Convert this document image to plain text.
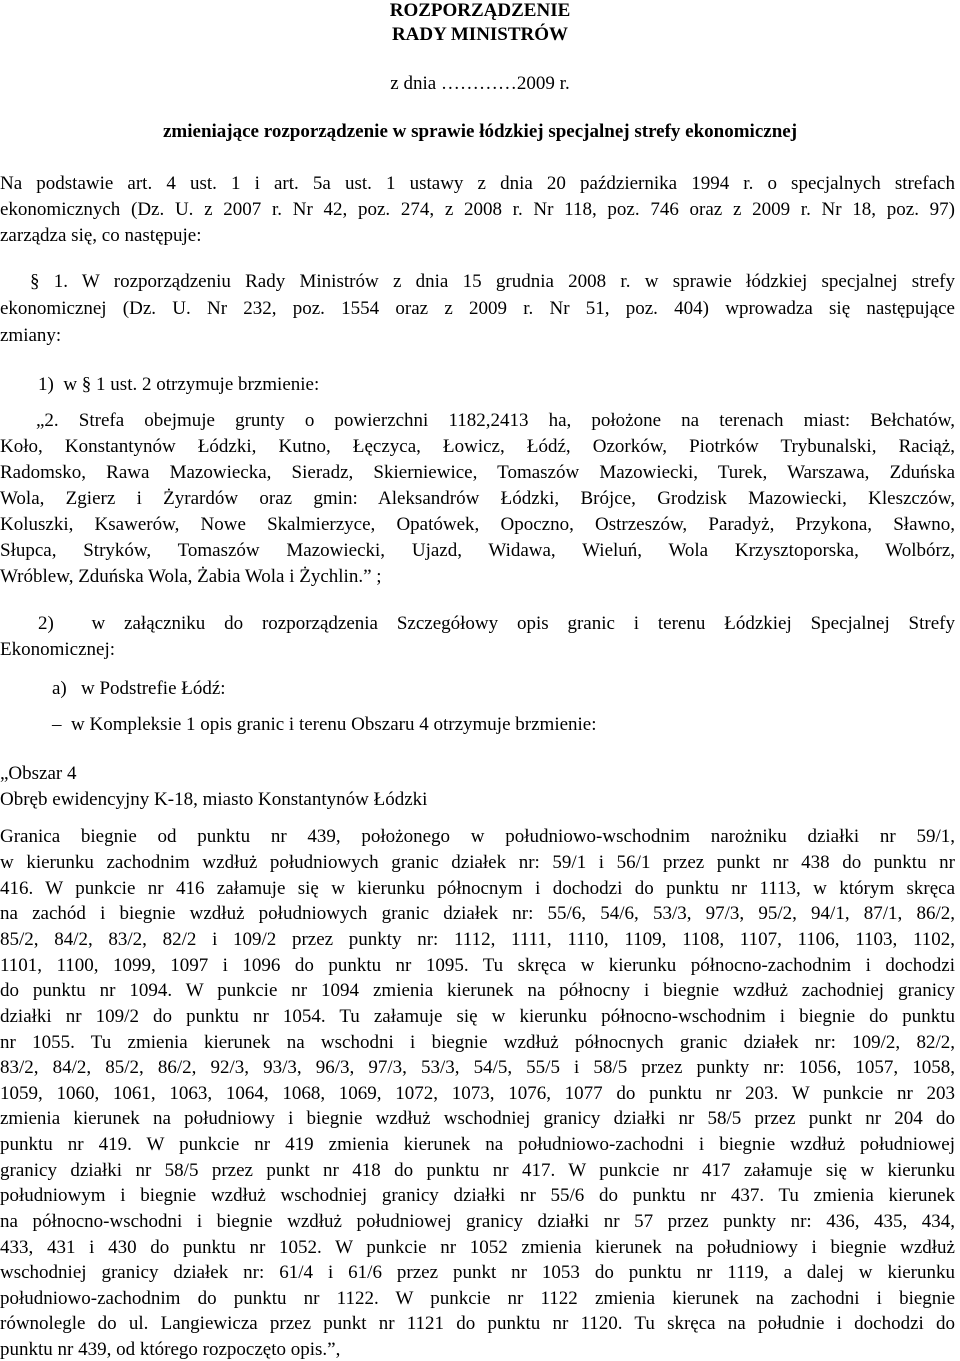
ROZPORZĄDZENIE
RADY MINISTRÓW
z dnia …………2009 r.
zmieniające rozporządzenie w sprawie łódzkiej specjalnej strefy ekonomicznej
Na podstawie art. 4 ust. 1 i art. 5a ust. 1 ustawy z dnia 20 października 1994 r. o specjalnych strefach
ekonomicznych (Dz. U. z 2007 r. Nr 42, poz. 274, z 2008 r. Nr 118, poz. 746 oraz z 2009 r. Nr 18, poz. 97)
zarządza się, co następuje:
§ 1. W rozporządzeniu Rady Ministrów z dnia 15 grudnia 2008 r. w sprawie łódzkiej specjalnej strefy
ekonomicznej (Dz. U. Nr 232, poz. 1554 oraz z 2009 r. Nr 51, poz. 404) wprowadza się następujące
zmiany:
1)  w § 1 ust. 2 otrzymuje brzmienie:
„2. Strefa obejmuje grunty o powierzchni 1182,2413 ha, położone na terenach miast: Bełchatów,
Koło, Konstantynów Łódzki, Kutno, Łęczyca, Łowicz, Łódź, Ozorków, Piotrków Trybunalski, Raciąż,
Radomsko, Rawa Mazowiecka, Sieradz, Skierniewice, Tomaszów Mazowiecki, Turek, Warszawa, Zduńska
Wola, Zgierz i Żyrardów oraz gmin: Aleksandrów Łódzki, Brójce, Grodzisk Mazowiecki, Kleszczów,
Koluszki, Ksawerów, Nowe Skalmierzyce, Opatówek, Opoczno, Ostrzeszów, Paradyż, Przykona, Sławno,
Słupca, Stryków, Tomaszów Mazowiecki, Ujazd, Widawa, Wieluń, Wola Krzysztoporska, Wolbórz,
Wróblew, Zduńska Wola, Żabia Wola i Żychlin.” ;
2)  w załączniku do rozporządzenia Szczegółowy opis granic i terenu Łódzkiej Specjalnej Strefy
Ekonomicznej:
a)   w Podstrefie Łódź:
–  w Kompleksie 1 opis granic i terenu Obszaru 4 otrzymuje brzmienie:
„Obszar 4
Obręb ewidencyjny K-18, miasto Konstantynów Łódzki
Granica biegnie od punktu nr 439, położonego w południowo-wschodnim narożniku działki nr 59/1,
w kierunku zachodnim wzdłuż południowych granic działek nr: 59/1 i 56/1 przez punkt nr 438 do punktu nr
416. W punkcie nr 416 załamuje się w kierunku północnym i dochodzi do punktu nr 1113, w którym skręca
na zachód i biegnie wzdłuż południowych granic działek nr: 55/6, 54/6, 53/3, 97/3, 95/2, 94/1, 87/1, 86/2,
85/2, 84/2, 83/2, 82/2 i 109/2 przez punkty nr: 1112, 1111, 1110, 1109, 1108, 1107, 1106, 1103, 1102,
1101, 1100, 1099, 1097 i 1096 do punktu nr 1095. Tu skręca w kierunku północno-zachodnim i dochodzi
do punktu nr 1094. W punkcie nr 1094 zmienia kierunek na północny i biegnie wzdłuż zachodniej granicy
działki nr 109/2 do punktu nr 1054. Tu załamuje się w kierunku północno-wschodnim i biegnie do punktu
nr 1055. Tu zmienia kierunek na wschodni i biegnie wzdłuż północnych granic działek nr: 109/2, 82/2,
83/2, 84/2, 85/2, 86/2, 92/3, 93/3, 96/3, 97/3, 53/3, 54/5, 55/5 i 58/5 przez punkty nr: 1056, 1057, 1058,
1059, 1060, 1061, 1063, 1064, 1068, 1069, 1072, 1073, 1076, 1077 do punktu nr 203. W punkcie nr 203
zmienia kierunek na południowy i biegnie wzdłuż wschodniej granicy działki nr 58/5 przez punkt nr 204 do
punktu nr 419. W punkcie nr 419 zmienia kierunek na południowo-zachodni i biegnie wzdłuż południowej
granicy działki nr 58/5 przez punkt nr 418 do punktu nr 417. W punkcie nr 417 załamuje się w kierunku
południowym i biegnie wzdłuż wschodniej granicy działki nr 55/6 do punktu nr 437. Tu zmienia kierunek
na północno-wschodni i biegnie wzdłuż południowej granicy działki nr 57 przez punkty nr: 436, 435, 434,
433, 431 i 430 do punktu nr 1052. W punkcie nr 1052 zmienia kierunek na południowy i biegnie wzdłuż
wschodniej granicy działek nr: 61/4 i 61/6 przez punkt nr 1053 do punktu nr 1119, a dalej w kierunku
południowo-zachodnim do punktu nr 1122. W punkcie nr 1122 zmienia kierunek na zachodni i biegnie
równolegle do ul. Langiewicza przez punkt nr 1121 do punktu nr 1120. Tu skręca na południe i dochodzi do
punktu nr 439, od którego rozpoczęto opis.”,
